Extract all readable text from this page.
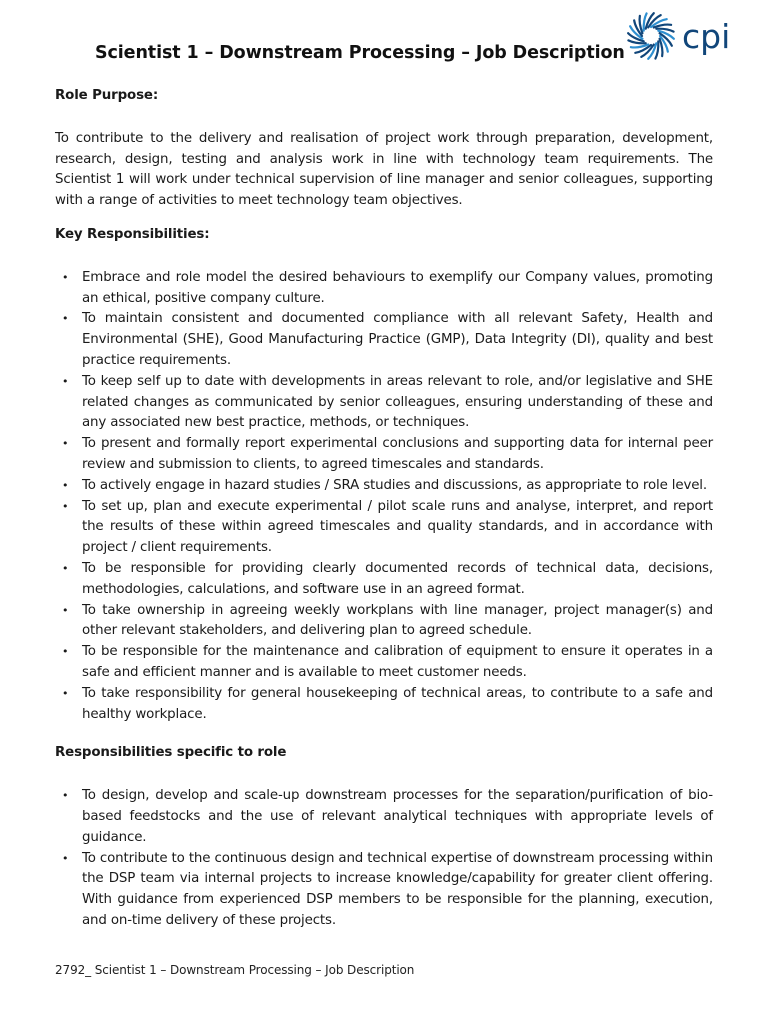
cpi
Scientist 1 – Downstream Processing – Job Description

Role Purpose:

To contribute to the delivery and realisation of project work through preparation, development, research, design, testing and analysis work in line with technology team requirements. The Scientist 1 will work under technical supervision of line manager and senior colleagues, supporting with a range of activities to meet technology team objectives.

Key Responsibilities:

• Embrace and role model the desired behaviours to exemplify our Company values, promoting an ethical, positive company culture.
• To maintain consistent and documented compliance with all relevant Safety, Health and Environmental (SHE), Good Manufacturing Practice (GMP), Data Integrity (DI), quality and best practice requirements.
• To keep self up to date with developments in areas relevant to role, and/or legislative and SHE related changes as communicated by senior colleagues, ensuring understanding of these and any associated new best practice, methods, or techniques.
• To present and formally report experimental conclusions and supporting data for internal peer review and submission to clients, to agreed timescales and standards.
• To actively engage in hazard studies / SRA studies and discussions, as appropriate to role level.
• To set up, plan and execute experimental / pilot scale runs and analyse, interpret, and report the results of these within agreed timescales and quality standards, and in accordance with project / client requirements.
• To be responsible for providing clearly documented records of technical data, decisions, methodologies, calculations, and software use in an agreed format.
• To take ownership in agreeing weekly workplans with line manager, project manager(s) and other relevant stakeholders, and delivering plan to agreed schedule.
• To be responsible for the maintenance and calibration of equipment to ensure it operates in a safe and efficient manner and is available to meet customer needs.
• To take responsibility for general housekeeping of technical areas, to contribute to a safe and healthy workplace.

Responsibilities specific to role

• To design, develop and scale-up downstream processes for the separation/purification of bio-based feedstocks and the use of relevant analytical techniques with appropriate levels of guidance.
• To contribute to the continuous design and technical expertise of downstream processing within the DSP team via internal projects to increase knowledge/capability for greater client offering. With guidance from experienced DSP members to be responsible for the planning, execution, and on-time delivery of these projects.
2792_ Scientist 1 – Downstream Processing – Job Description
